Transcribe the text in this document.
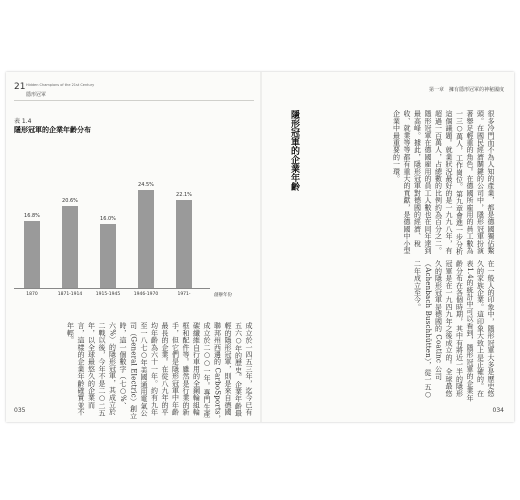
21 Hidden Champions of the 21st Century
隱形冠軍
表 1.4
隱形冠軍的企業年齡分布
16.8%
1870
20.6%
1871-1914
16.0%
1915-1945
24.5%
1946-1970
22.1%
1971-	創辦年份
成立於一四五三年，迄今已有五六○年的歷史。企業年齡最輕的隱形冠軍，則是來自德國聯邦州西邊的 CarboSports，成立於二○○一年。專門生產碳纖維自行車用的全鋼輪組輪框和配件等。雖然是行業的新手，但它們是隱形冠軍中年齡最長的企業。在從八九年的平均年齡為六十一年。約有九年至一八七○年美國通用電氣公司（General Electric）創立時，這一個數字（七○%、六%）的隱形冠軍，其成立於二戰以後，今年不是二○二五年，以全球最悠久的企業而言，這樣的企業年齡確實並不年輕。
035
第一章　擁有隱形冠軍的神秘國度
很多冷門而不為人知的產業，都是德國獨佔鰲頭。在國民經濟關鍵的公司中，隱形冠軍扮演著舉足輕重的角色。在德國所雇用的員工數為一三○萬人，工作崗位。第九章會進一步分析這個議題。就業狀況最好的是一九九八年，有超過一百萬人，占總數的比例約為百分之二。隱形冠軍在德國雇用的員工人數也在同年達到最高峰。據此，隱形冠軍對德國的經濟、稅收、就業等等都有重大的貢獻，是德國中小型企業中最重要的一環。
隱形冠軍的企業年齡
在一般人的印象中，隱形冠軍大多是歷史悠久的家族企業。這印象大致上是正確的。在表1.4的統計中可以看到，隱形冠軍的企業年齡分布在各個時期，其中有將近一半的隱形冠軍是在一九四九年之後成立的。全球最悠久的隱形冠軍是德國的 Coatinc 公司（Achenbach Buschhütten），從一五○二年成立至今。
034
